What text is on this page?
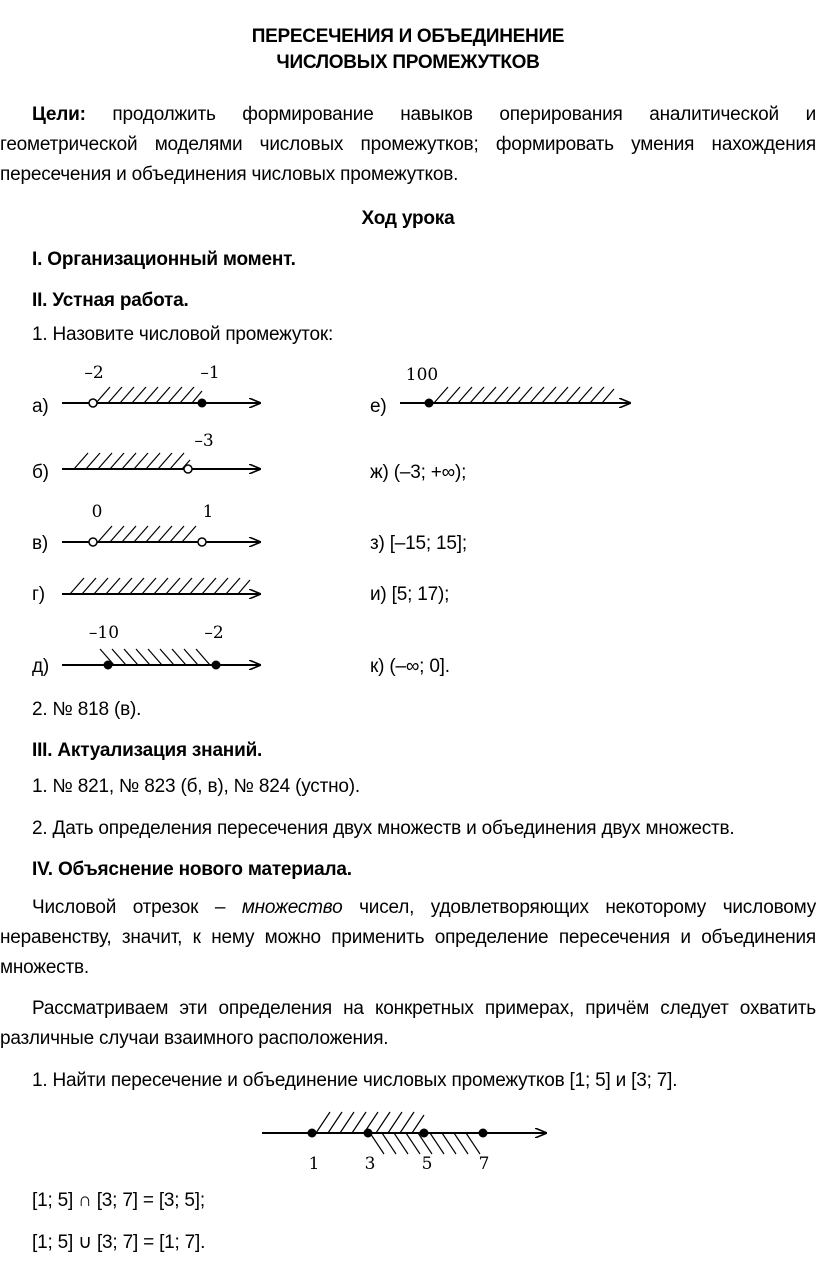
ПЕРЕСЕЧЕНИЯ И ОБЪЕДИНЕНИЕ
ЧИСЛОВЫХ ПРОМЕЖУТКОВ
Цели: продолжить формирование навыков оперирования аналитической и геометрической моделями числовых промежутков; формировать умения нахождения пересечения и объединения числовых промежутков.
Ход урока
I. Организационный момент.
II. Устная работа.
1. Назовите числовой промежуток:
а)
б)
в)
г)
д)
е)
ж) (–3; +∞);
з) [–15; 15];
и) [5; 17);
к) (–∞; 0].
–2	–1
–3
0	1
–10	–2
100
2. № 818 (в).
III. Актуализация знаний.
1. № 821, № 823 (б, в), № 824 (устно).
2. Дать определения пересечения двух множеств и объединения двух множеств.
IV. Объяснение нового материала.
Числовой отрезок – множество чисел, удовлетворяющих некоторому числовому неравенству, значит, к нему можно применить определение пересечения и объединения множеств.
Рассматриваем эти определения на конкретных примерах, причём следует охватить различные случаи взаимного расположения.
1. Найти пересечение и объединение числовых промежутков [1; 5] и [3; 7].
1	3	5	7
[1; 5] ∩ [3; 7] = [3; 5];
[1; 5] ∪ [3; 7] = [1; 7].
